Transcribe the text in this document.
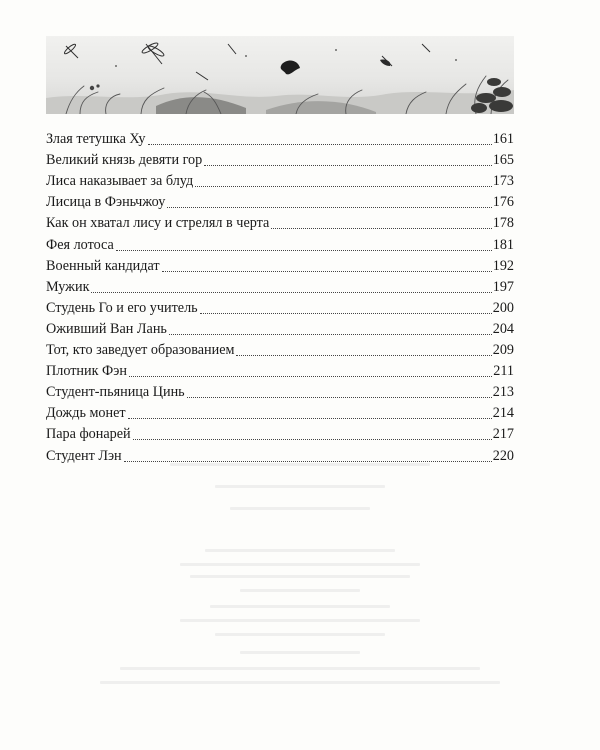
Злая тетушка Ху	161
Великий князь девяти гор	165
Лиса наказывает за блуд	173
Лисица в Фэньчжоу	176
Как он хватал лису и стрелял в черта	178
Фея лотоса	181
Военный кандидат	192
Мужик	197
Студень Го и его учитель	200
Оживший Ван Лань	204
Тот, кто заведует образованием	209
Плотник Фэн	211
Студент-пьяница Цинь	213
Дождь монет	214
Пара фонарей	217
Студент Лэн	220
